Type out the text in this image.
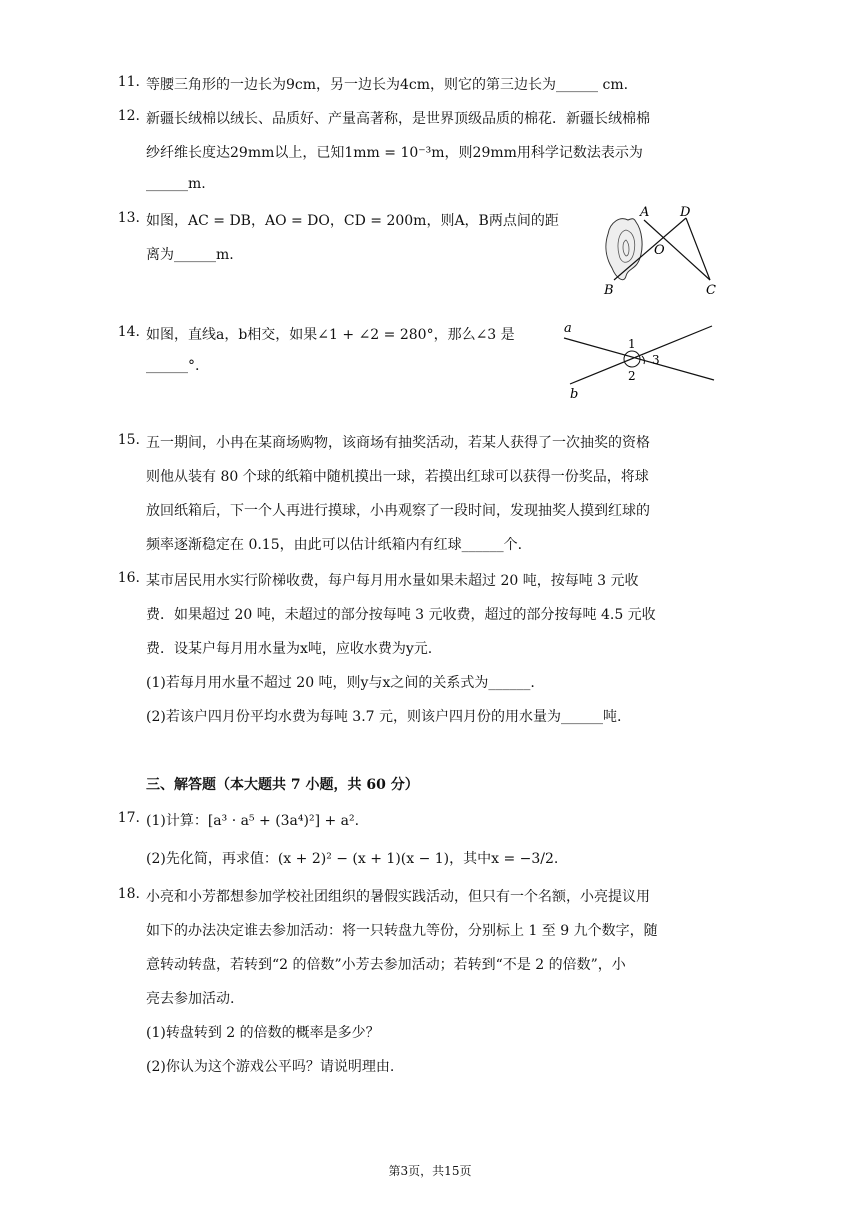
11. 等腰三角形的一边长为9cm，另一边长为4cm，则它的第三边长为______ cm.
12. 新疆长绒棉以绒长、品质好、产量高著称，是世界顶级品质的棉花．新疆长绒棉棉
纱纤维长度达29mm以上，已知1mm = 10⁻³m，则29mm用科学记数法表示为
______m.
13. 如图，AC = DB，AO = DO，CD = 200m，则A，B两点间的距
离为______m.
A D
O
B	C
14. 如图，直线a，b相交，如果∠1 + ∠2 = 280°，那么∠3 是
______°.
a
b
1
2
3
15. 五一期间，小冉在某商场购物，该商场有抽奖活动，若某人获得了一次抽奖的资格
则他从装有 80 个球的纸箱中随机摸出一球，若摸出红球可以获得一份奖品，将球
放回纸箱后，下一个人再进行摸球，小冉观察了一段时间，发现抽奖人摸到红球的
频率逐渐稳定在 0.15，由此可以估计纸箱内有红球______个.
16. 某市居民用水实行阶梯收费，每户每月用水量如果未超过 20 吨，按每吨 3 元收
费．如果超过 20 吨，未超过的部分按每吨 3 元收费，超过的部分按每吨 4.5 元收
费．设某户每月用水量为x吨，应收水费为y元.
(1)若每月用水量不超过 20 吨，则y与x之间的关系式为______.
(2)若该户四月份平均水费为每吨 3.7 元，则该户四月份的用水量为______吨.
三、解答题（本大题共 7 小题，共 60 分）
17. (1)计算：[a³ · a⁵ + (3a⁴)²] + a².
(2)先化简，再求值：(x + 2)² − (x + 1)(x − 1)，其中x = −3/2.
18. 小亮和小芳都想参加学校社团组织的暑假实践活动，但只有一个名额，小亮提议用
如下的办法决定谁去参加活动：将一只转盘九等份，分别标上 1 至 9 九个数字，随
意转动转盘，若转到“2 的倍数”小芳去参加活动；若转到“不是 2 的倍数”，小
亮去参加活动.
(1)转盘转到 2 的倍数的概率是多少？
(2)你认为这个游戏公平吗？请说明理由.
第3页，共15页
